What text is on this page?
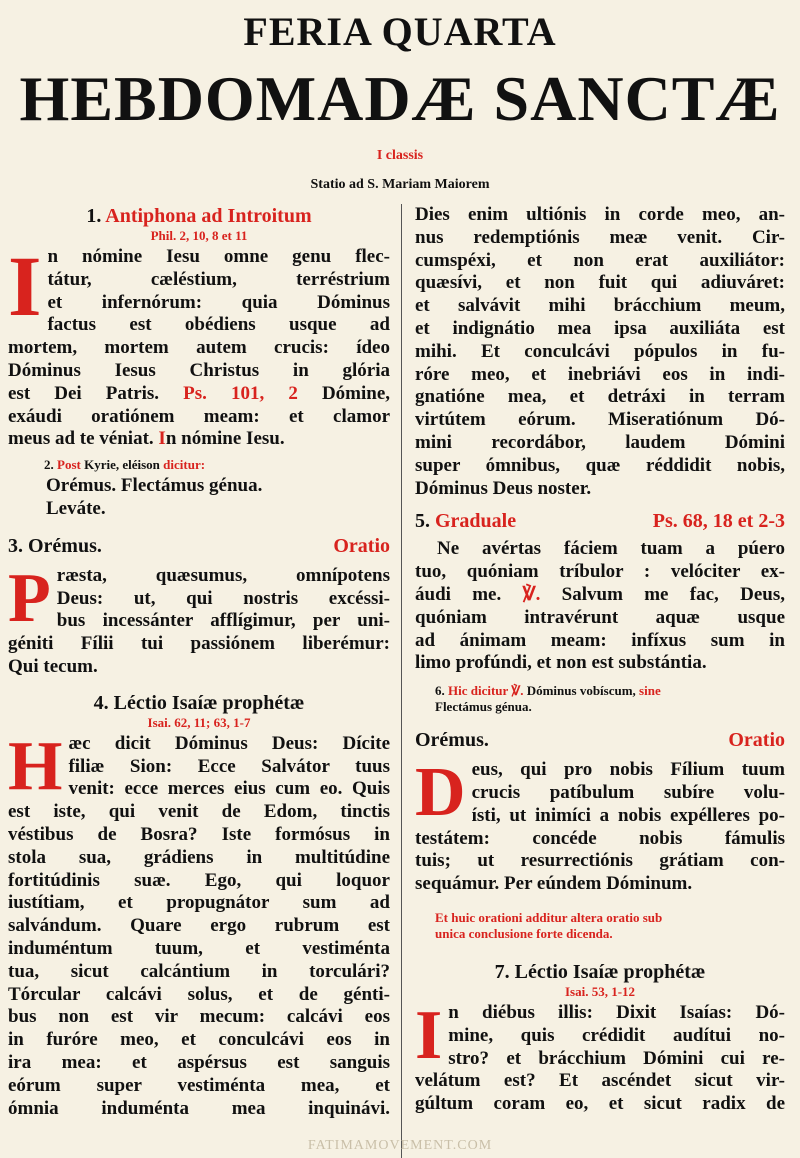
FERIA QUARTA
HEBDOMADÆ SANCTÆ
I classis
Statio ad S. Mariam Maiorem
1. Antiphona ad Introitum
Phil. 2, 10, 8 et 11
I n nómine Iesu omne genu flec-

tátur, cæléstium, terréstrium

et infernórum: quia Dóminus

factus est obédiens usque ad

mortem, mortem autem crucis: ídeo

Dóminus Iesus Christus in glória

est Dei Patris. Ps. 101, 2 Dómine,

exáudi oratiónem meam: et clamor

meus ad te véniat. In nómine Iesu.

2. Post Kyrie, eléison dicitur:

Orémus. Flectámus génua.

Leváte.

3. Orémus.	Oratio
P ræsta, quæsumus, omnípotens

Deus: ut, qui nostris excéssi-

bus incessánter afflígimur, per uni-

géniti Fílii tui passiónem liberémur:

Qui tecum.

4. Léctio Isaíæ prophétæ
Isai. 62, 11; 63, 1-7
H æc dicit Dóminus Deus: Dícite

filiæ Sion: Ecce Salvátor tuus

venit: ecce merces eius cum eo. Quis

est iste, qui venit de Edom, tinctis

véstibus de Bosra? Iste formósus in

stola sua, grádiens in multitúdine

fortitúdinis suæ. Ego, qui loquor

iustítiam, et propugnátor sum ad

salvándum. Quare ergo rubrum est

induméntum tuum, et vestiménta

tua, sicut calcántium in torculári?

Tórcular calcávi solus, et de génti-

bus non est vir mecum: calcávi eos

in furóre meo, et conculcávi eos in

ira mea: et aspérsus est sanguis

eórum super vestiménta mea, et

ómnia induménta mea inquinávi.

Dies enim ultiónis in corde meo, an-

nus redemptiónis meæ venit. Cir-

cumspéxi, et non erat auxiliátor:

quæsívi, et non fuit qui adiuváret:

et salvávit mihi brácchium meum,

et indignátio mea ipsa auxiliáta est

mihi. Et conculcávi pópulos in fu-

róre meo, et inebriávi eos in indi-

gnatióne mea, et detráxi in terram

virtútem eórum. Miseratiónum Dó-

mini recordábor, laudem Dómini

super ómnibus, quæ réddidit nobis,

Dóminus Deus noster.

5. Graduale	Ps. 68, 18 et 2-3

Ne avértas fáciem tuam a púero

tuo, quóniam tríbulor : velóciter ex-

áudi me. ℣. Salvum me fac, Deus,

quóniam intravérunt aquæ usque

ad ánimam meam: infíxus sum in

limo profúndi, et non est substántia.

6. Hic dicitur ℣. Dóminus vobíscum, sine
Flectámus génua.
Orémus.	Oratio
D eus, qui pro nobis Fílium tuum

crucis patíbulum subíre volu-

ísti, ut inimíci a nobis expélleres po-

testátem: concéde nobis fámulis

tuis; ut resurrectiónis grátiam con-

sequámur. Per eúndem Dóminum.

Et huic orationi additur altera oratio sub
unica conclusione forte dicenda.
7. Léctio Isaíæ prophétæ
Isai. 53, 1-12
I n diébus illis: Dixit Isaías: Dó-

mine, quis crédidit audítui no-

stro? et brácchium Dómini cui re-

velátum est? Et ascéndet sicut vir-

gúltum coram eo, et sicut radix de

FATIMAMOVEMENT.COM
